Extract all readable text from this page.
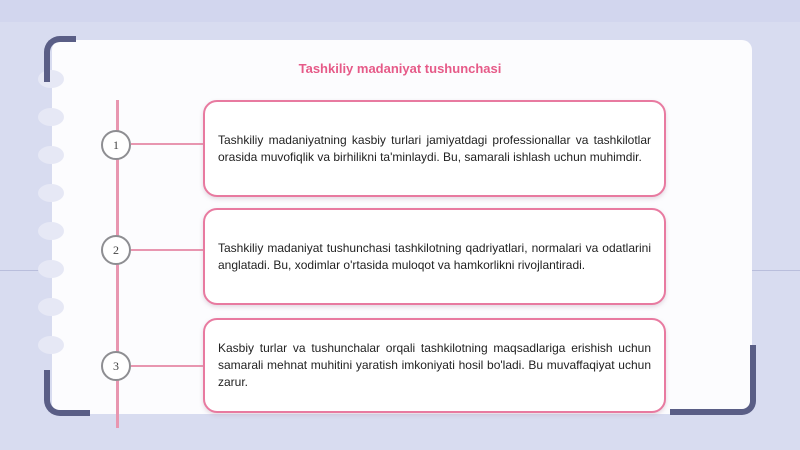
Tashkiliy madaniyat tushunchasi
1	Tashkiliy madaniyatning kasbiy turlari jamiyatdagi professionallar va tashkilotlar orasida muvofiqlik va birhilikni ta'minlaydi. Bu, samarali ishlash uchun muhimdir.
2	Tashkiliy madaniyat tushunchasi tashkilotning qadriyatlari, normalari va odatlarini anglatadi. Bu, xodimlar o'rtasida muloqot va hamkorlikni rivojlantiradi.
3
Kasbiy turlar va tushunchalar orqali tashkilotning maqsadlariga erishish uchun samarali mehnat muhitini yaratish imkoniyati hosil bo'ladi. Bu muvaffaqiyat uchun zarur.
